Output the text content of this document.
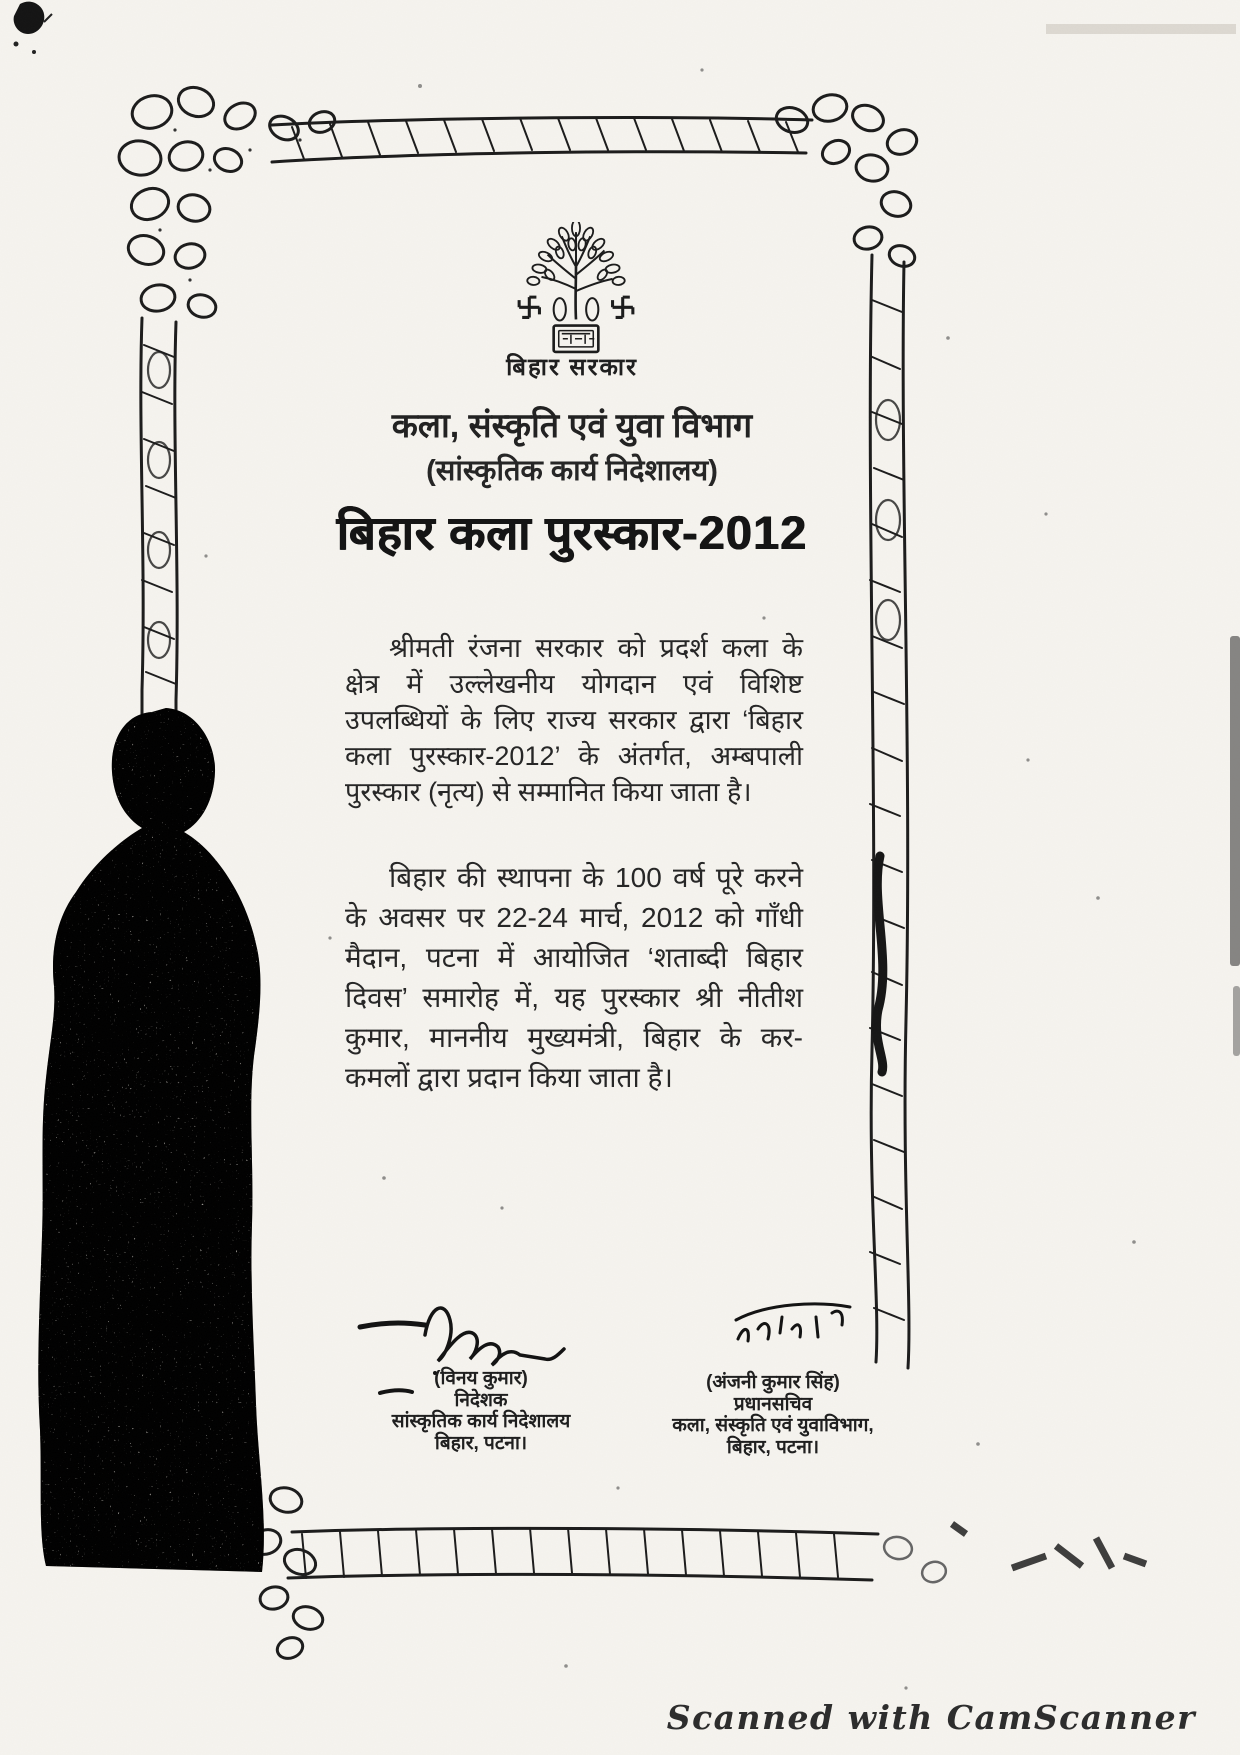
बिहार सरकार
कला, संस्कृति एवं युवा विभाग
(सांस्कृतिक कार्य निदेशालय)
बिहार कला पुरस्कार-2012

श्रीमती रंजना सरकार को प्रदर्श कला के क्षेत्र में उल्लेखनीय योगदान एवं विशिष्ट उपलब्धियों के लिए राज्य सरकार द्वारा ‘बिहार कला पुरस्कार-2012’ के अंतर्गत, अम्बपाली पुरस्कार (नृत्य) से सम्मानित किया जाता है।

बिहार की स्थापना के 100 वर्ष पूरे करने के अवसर पर 22-24 मार्च, 2012 को गाँधी मैदान, पटना में आयोजित ‘शताब्दी बिहार दिवस’ समारोह में, यह पुरस्कार श्री नीतीश कुमार, माननीय मुख्यमंत्री, बिहार के कर-कमलों द्वारा प्रदान किया जाता है।

(विनय कुमार)
निदेशक
सांस्कृतिक कार्य निदेशालय
बिहार, पटना।
(अंजनी कुमार सिंह)
प्रधानसचिव
कला, संस्कृति एवं युवाविभाग,
बिहार, पटना।
Scanned with CamScanner
